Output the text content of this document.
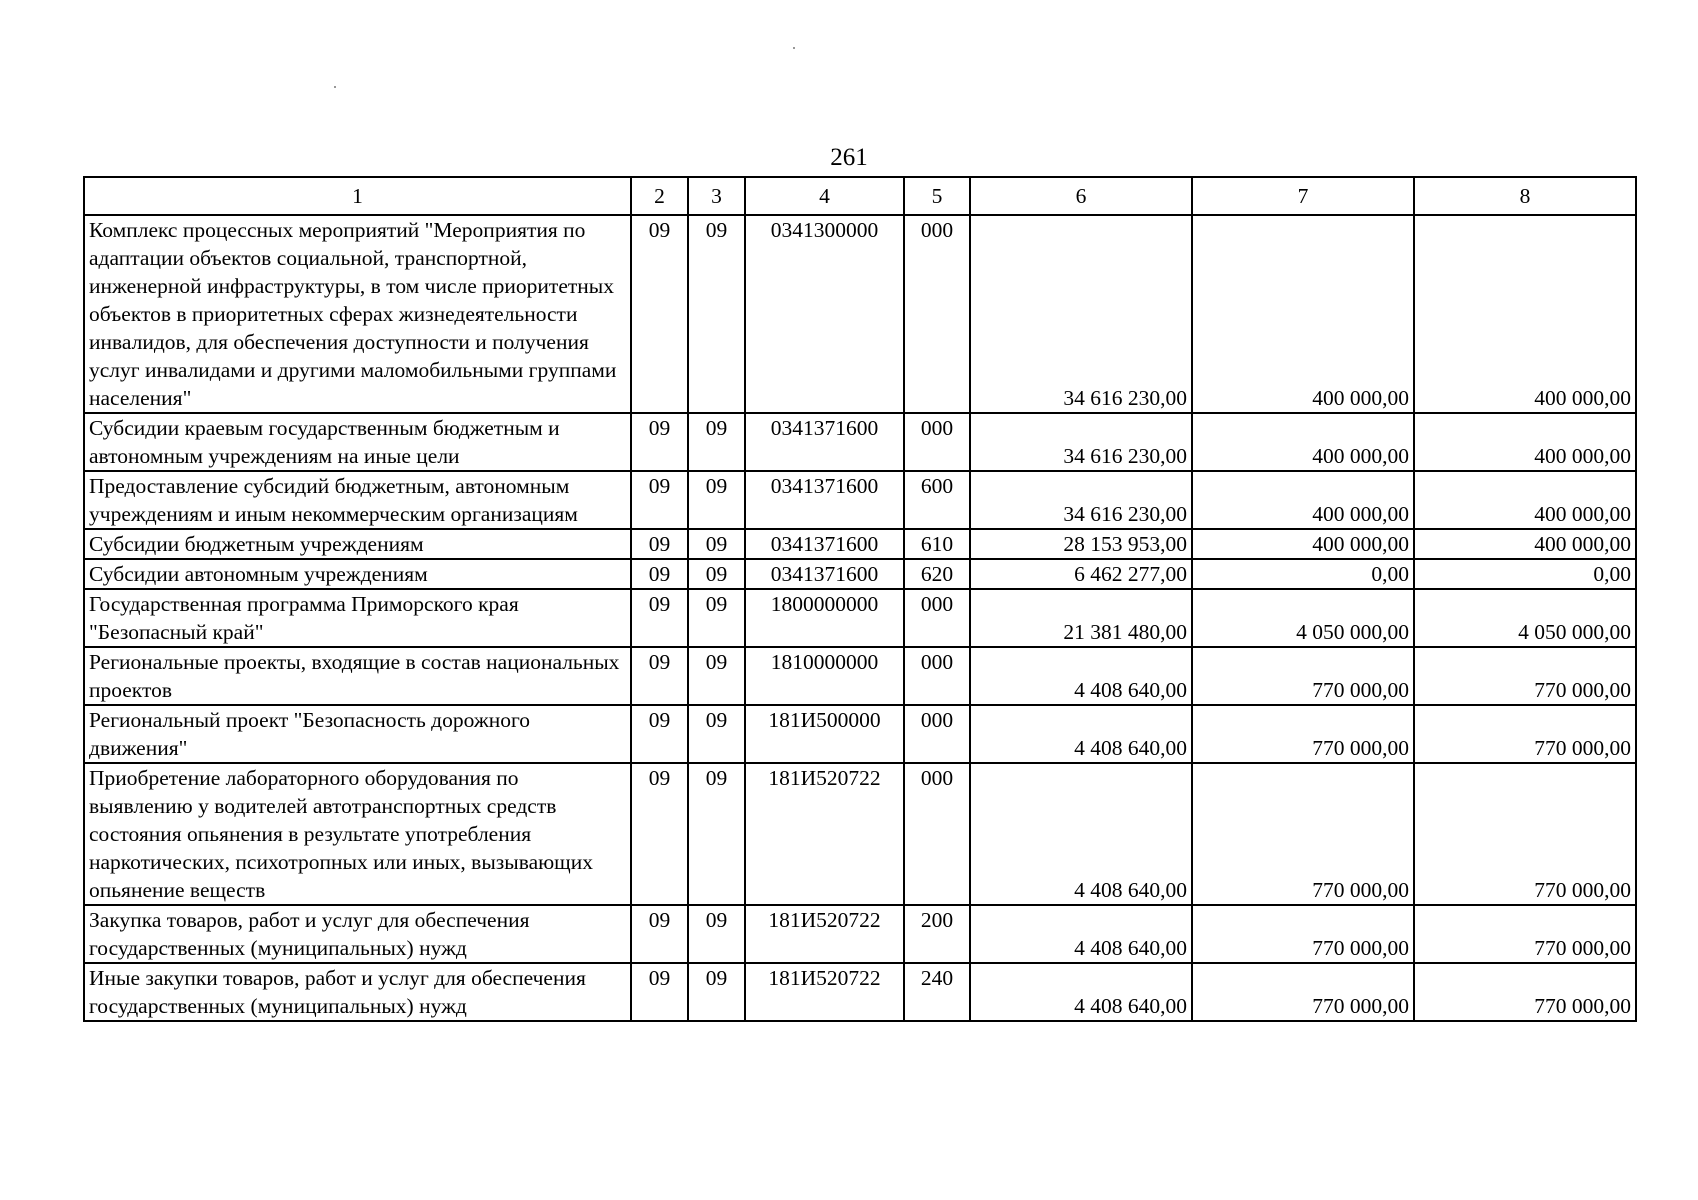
261
1	2	3	4	5	6	7	8
Комплекс процессных мероприятий "Мероприятия по адаптации объектов социальной, транспортной, инженерной инфраструктуры, в том числе приоритетных объектов в приоритетных сферах жизнедеятельности инвалидов, для обеспечения доступности и получения услуг инвалидами и другими маломобильными группами населения"	09	09	0341300000	000	34 616 230,00	400 000,00	400 000,00
Субсидии краевым государственным бюджетным и автономным учреждениям на иные цели	09	09	0341371600	000	34 616 230,00	400 000,00	400 000,00
Предоставление субсидий бюджетным, автономным учреждениям и иным некоммерческим организациям	09	09	0341371600	600	34 616 230,00	400 000,00	400 000,00
Субсидии бюджетным учреждениям	09	09	0341371600	610	28 153 953,00	400 000,00	400 000,00
Субсидии автономным учреждениям	09	09	0341371600	620	6 462 277,00	0,00	0,00
Государственная программа Приморского края "Безопасный край"	09	09	1800000000	000	21 381 480,00	4 050 000,00	4 050 000,00
Региональные проекты, входящие в состав национальных проектов	09	09	1810000000	000	4 408 640,00	770 000,00	770 000,00
Региональный проект "Безопасность дорожного движения"	09	09	181И500000	000	4 408 640,00	770 000,00	770 000,00
Приобретение лабораторного оборудования по выявлению у водителей автотранспортных средств состояния опьянения в результате употребления наркотических, психотропных или иных, вызывающих опьянение веществ	09	09	181И520722	000	4 408 640,00	770 000,00	770 000,00
Закупка товаров, работ и услуг для обеспечения государственных (муниципальных) нужд	09	09	181И520722	200	4 408 640,00	770 000,00	770 000,00
Иные закупки товаров, работ и услуг для обеспечения государственных (муниципальных) нужд	09	09	181И520722	240	4 408 640,00	770 000,00	770 000,00
